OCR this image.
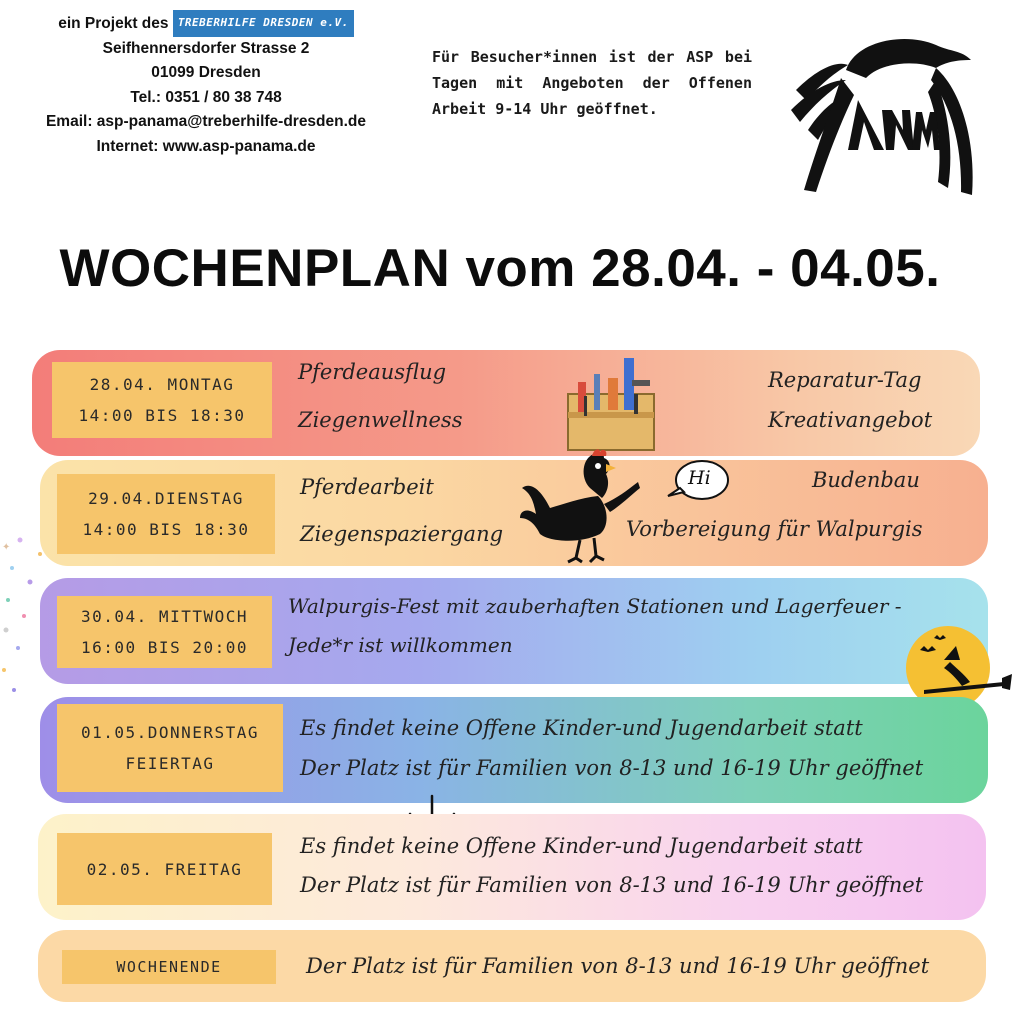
ein Projekt des TREBERHILFE DRESDEN e.V.
Seifhennersdorfer Strasse 2
01099 Dresden
Tel.: 0351 / 80 38 748
Email: asp-panama@treberhilfe-dresden.de
Internet: www.asp-panama.de
Für Besucher*innen ist der ASP bei Tagen mit Angeboten der Offenen Arbeit 9-14 Uhr geöffnet.
WOCHENPLAN vom 28.04. - 04.05.
✦
28.04. MONTAG
14:00 BIS 18:30
Pferdeausflug
Ziegenwellness
Reparatur-Tag
Kreativangebot
29.04.DIENSTAG
14:00 BIS 18:30
Pferdearbeit
Ziegenspaziergang
Budenbau
Vorbereigung für Walpurgis
Hi
30.04. MITTWOCH
16:00 BIS 20:00
Walpurgis-Fest mit zauberhaften Stationen und Lagerfeuer -
Jede*r ist willkommen
01.05.DONNERSTAG
FEIERTAG
Es findet keine Offene Kinder-und Jugendarbeit statt
Der Platz ist für Familien von 8-13 und 16-19 Uhr geöffnet
02.05. FREITAG
Es findet keine Offene Kinder-und Jugendarbeit statt
Der Platz ist für Familien von 8-13 und 16-19 Uhr geöffnet
WOCHENENDE	Der Platz ist für Familien von 8-13 und 16-19 Uhr geöffnet
